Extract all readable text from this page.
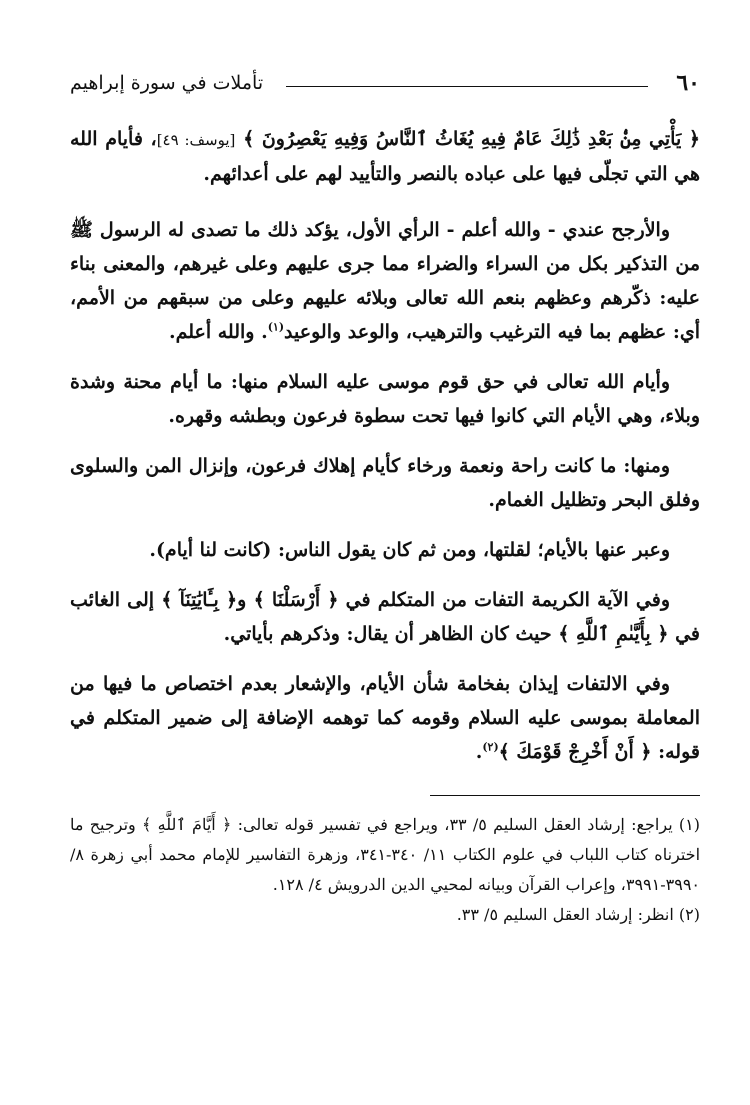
٦٠
تأملات في سورة إبراهيم

﴿ يَأْتِي مِنْۢ بَعْدِ ذَٰلِكَ عَامٌ فِيهِ يُغَاثُ ٱلنَّاسُ وَفِيهِ يَعْصِرُونَ ﴾ [يوسف: ٤٩]، فأيام الله هي التي تجلّى فيها على عباده بالنصر والتأييد لهم على أعدائهم.

والأرجح عندي - والله أعلم - الرأي الأول، يؤكد ذلك ما تصدى له الرسول ﷺ من التذكير بكل من السراء والضراء مما جرى عليهم وعلى غيرهم، والمعنى بناء عليه: ذكّرهم وعظهم بنعم الله تعالى وبلائه عليهم وعلى من سبقهم من الأمم، أي: عظهم بما فيه الترغيب والترهيب، والوعد والوعيد$^{(١)}$. والله أعلم.

وأيام الله تعالى في حق قوم موسى عليه السلام منها: ما أيام محنة وشدة وبلاء، وهي الأيام التي كانوا فيها تحت سطوة فرعون وبطشه وقهره.

ومنها: ما كانت راحة ونعمة ورخاء كأيام إهلاك فرعون، وإنزال المن والسلوى وفلق البحر وتظليل الغمام.

وعبر عنها بالأيام؛ لقلتها، ومن ثم كان يقول الناس: (كانت لنا أيام).

وفي الآية الكريمة التفات من المتكلم في ﴿ أَرْسَلْنَا ﴾ و﴿ بِـَٔايَٰتِنَآ ﴾ إلى الغائب في ﴿ بِأَيَّىٰمِ ٱللَّهِ ﴾ حيث كان الظاهر أن يقال: وذكرهم بأياتي.

وفي الالتفات إيذان بفخامة شأن الأيام، والإشعار بعدم اختصاص ما فيها من المعاملة بموسى عليه السلام وقومه كما توهمه الإضافة إلى ضمير المتكلم في قوله: ﴿ أَنْ أَخْرِجْ قَوْمَكَ ﴾$^{(٢)}$.

(١) يراجع: إرشاد العقل السليم ٥/ ٣٣، ويراجع في تفسير قوله تعالى: ﴿ أَيَّامَ ٱللَّهِ ﴾ وترجيح ما اخترناه كتاب اللباب في علوم الكتاب ١١/ ٣٤٠-٣٤١، وزهرة التفاسير للإمام محمد أبي زهرة ٨/ ٣٩٩٠-٣٩٩١، وإعراب القرآن وبيانه لمحيي الدين الدرويش ٤/ ١٢٨.

(٢) انظر: إرشاد العقل السليم ٥/ ٣٣.
